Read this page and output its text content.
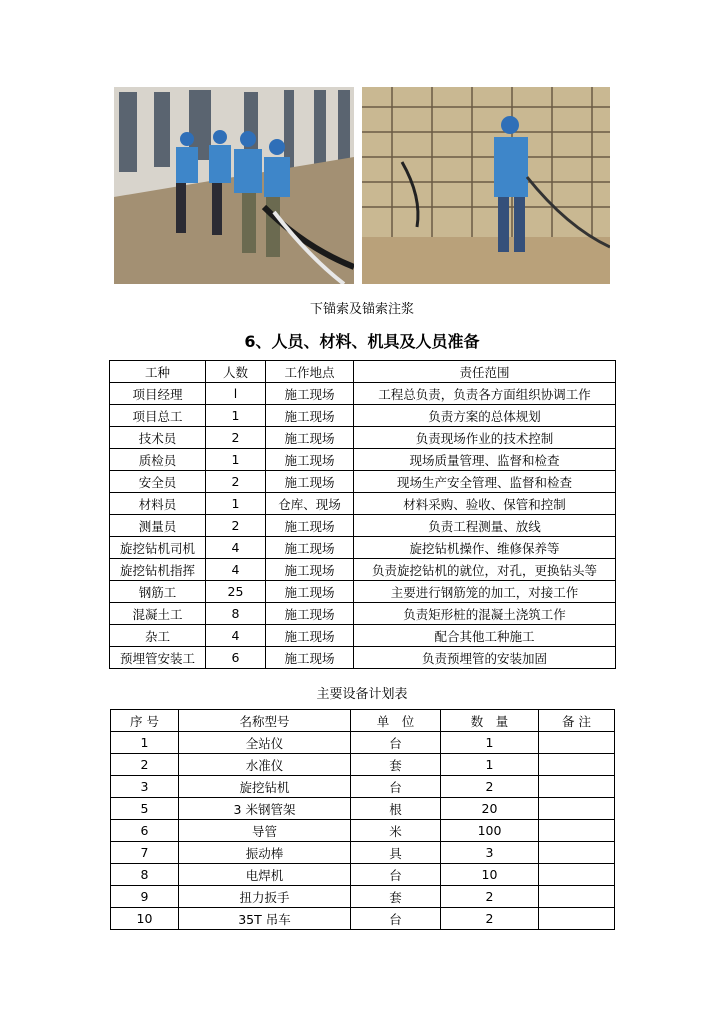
下锚索及锚索注浆
6、人员、材料、机具及人员准备
工种	人数	工作地点	责任范围
项目经理	l	施工现场	工程总负责，负责各方面组织协调工作
项目总工	1	施工现场	负责方案的总体规划
技术员	2	施工现场	负责现场作业的技术控制
质检员	1	施工现场	现场质量管理、监督和检查
安全员	2	施工现场	现场生产安全管理、监督和检查
材料员	1	仓库、现场	材料采购、验收、保管和控制
测量员	2	施工现场	负责工程测量、放线
旋挖钻机司机	4	施工现场	旋挖钻机操作、维修保养等
旋挖钻机指挥	4	施工现场	负责旋挖钻机的就位，对孔，更换钻头等
钢筋工	25	施工现场	主要进行钢筋笼的加工，对接工作
混凝土工	8	施工现场	负责矩形桩的混凝土浇筑工作
杂工	4	施工现场	配合其他工种施工
预埋管安装工	6	施工现场	负责预埋管的安装加固
主要设备计划表
序 号	名称型号	单　位	数　量	备 注
1	全站仪	台	1	
2	水准仪	套	1	
3	旋挖钻机	台	2	
5	3 米钢管架	根	20	
6	导管	米	100	
7	振动棒	具	3	
8	电焊机	台	10	
9	扭力扳手	套	2	
10	35T 吊车	台	2	
